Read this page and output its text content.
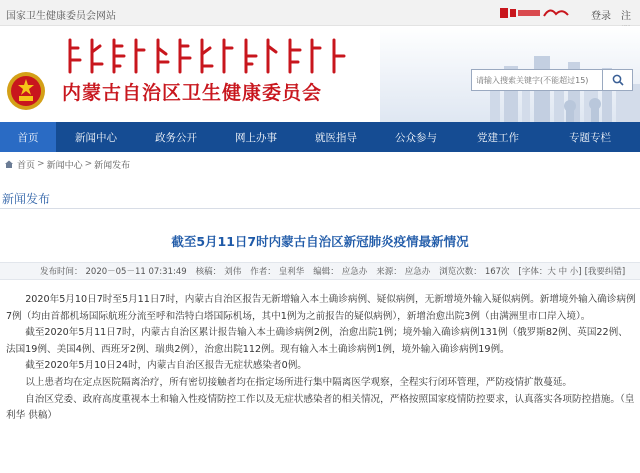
国家卫生健康委员会网站	登录 注
内蒙古自治区卫生健康委员会
请输入搜索关键字(不能超过15)
首页	新闻中心	政务公开	网上办事	就医指导	公众参与	党建工作	专题专栏
首页 > 新闻中心 > 新闻发布
新闻发布
截至5月11日7时内蒙古自治区新冠肺炎疫情最新情况
发布时间： 2020－05－11 07:31:49 核稿： 刘伟 作者： 皇利华 编辑： 应急办 来源： 应急办 浏览次数： 167次 [字体：大 中 小] [我要纠错]

2020年5月10日7时至5月11日7时，内蒙古自治区报告无新增输入本土确诊病例、疑似病例，无新增境外输入疑似病例。新增境外输入确诊病例7例（均由首都机场国际航班分流至呼和浩特白塔国际机场，其中1例为之前报告的疑似病例），新增治愈出院3例（由满洲里市口岸入境）。

截至2020年5月11日7时，内蒙古自治区累计报告输入本土确诊病例2例，治愈出院1例；境外输入确诊病例131例（俄罗斯82例、英国22例、法国19例、美国4例、西班牙2例、瑞典2例），治愈出院112例。现有输入本土确诊病例1例，境外输入确诊病例19例。

截至2020年5月10日24时，内蒙古自治区报告无症状感染者0例。

以上患者均在定点医院隔离治疗，所有密切接触者均在指定场所进行集中隔离医学观察，全程实行闭环管理，严防疫情扩散蔓延。

自治区党委、政府高度重视本土和输入性疫情防控工作以及无症状感染者的相关情况，严格按照国家疫情防控要求，认真落实各项防控措施。（皇利华 供稿）
